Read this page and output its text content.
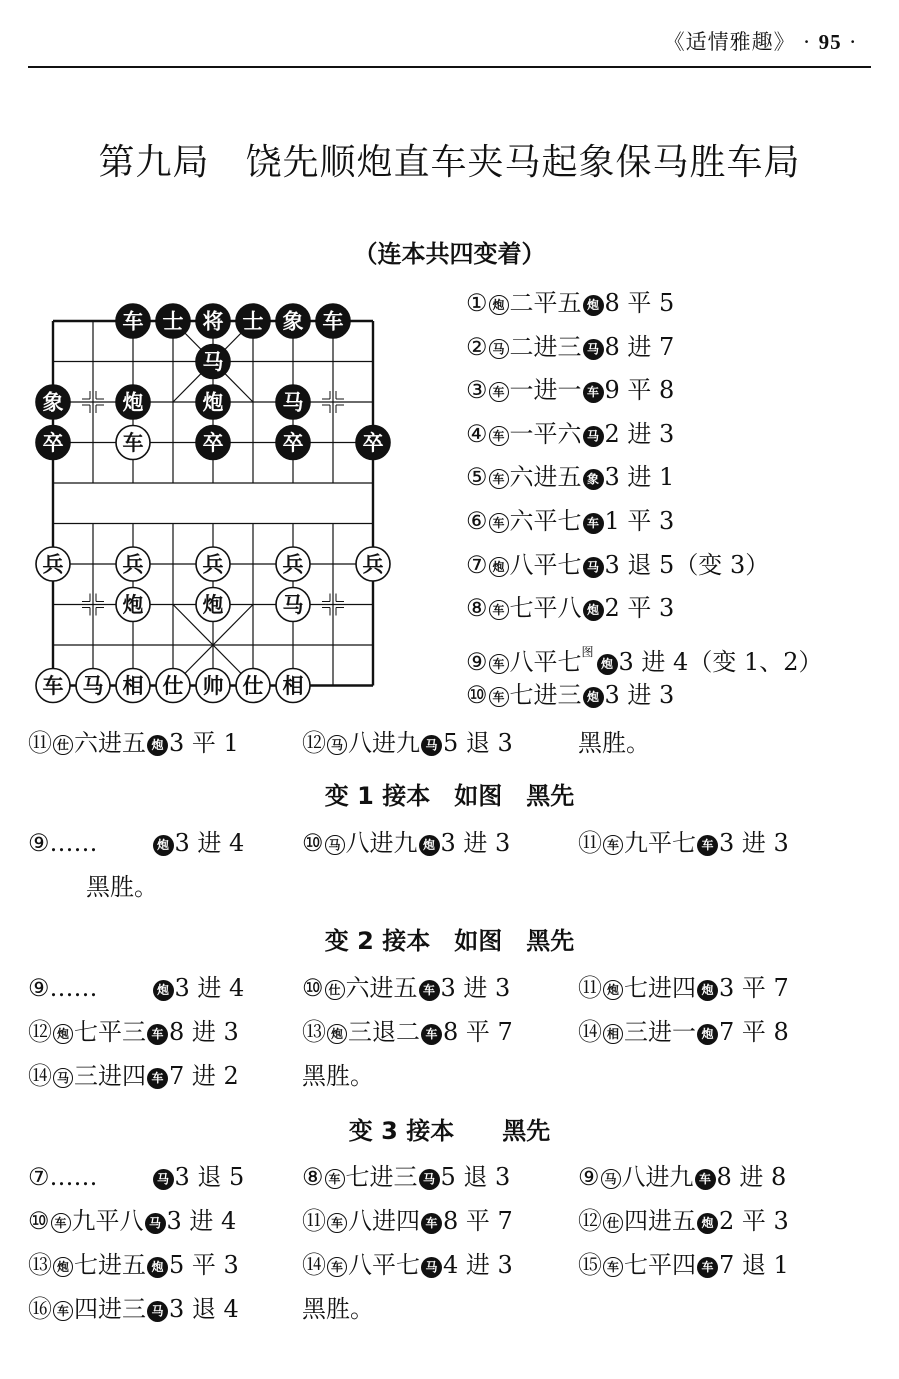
《适情雅趣》 · 95 ·
第九局 饶先顺炮直车夹马起象保马胜车局
（连本共四变着）
车 士 将 士 象 车
马
象	炮	炮	马
卒	车	卒	卒	卒
兵	兵	兵	兵	兵
炮	炮	马
车 马 相 仕 帅 仕 相
① 炮 二平五 炮 8 平 5
② 马 二进三 马 8 进 7
③ 车 一进一 车 9 平 8
④ 车 一平六 马 2 进 3
⑤ 车 六进五 象 3 进 1
⑥ 车 六平七 车 1 平 3
⑦ 炮 八平七 马 3 退 5（变 3）
⑧ 车 七平八 炮 2 平 3
⑨ 车 八平七$^图$炮 3 进 4（变 1、2）
⑩ 车 七进三 炮 3 进 3
⑪ 仕 六进五 炮 3 平 1	⑫ 马 八进九 马 5 退 3	黑胜。
变 1 接本 如图 黑先
⑨……	炮 3 进 4 ⑩ 马 八进九 炮 3 进 3	⑪ 车 九平七 车 3 进 3
黑胜。
变 2 接本 如图 黑先
⑨……	炮 3 进 4 ⑩ 仕 六进五 车 3 进 3	⑪ 炮 七进四 炮 3 平 7
⑫ 炮 七平三 车 8 进 3	⑬ 炮 三退二 车 8 平 7	⑭ 相 三进一 炮 7 平 8
⑭ 马 三进四 车 7 进 2	黑胜。
变 3 接本 黑先
⑦……	马 3 退 5 ⑧ 车 七进三 马 5 退 3	⑨ 马 八进九 车 8 进 8
⑩ 车 九平八 马 3 进 4	⑪ 车 八进四 车 8 平 7	⑫ 仕 四进五 炮 2 平 3
⑬ 炮 七进五 炮 5 平 3	⑭ 车 八平七 马 4 进 3	⑮ 车 七平四 车 7 退 1
⑯ 车 四进三 马 3 退 4	黑胜。
